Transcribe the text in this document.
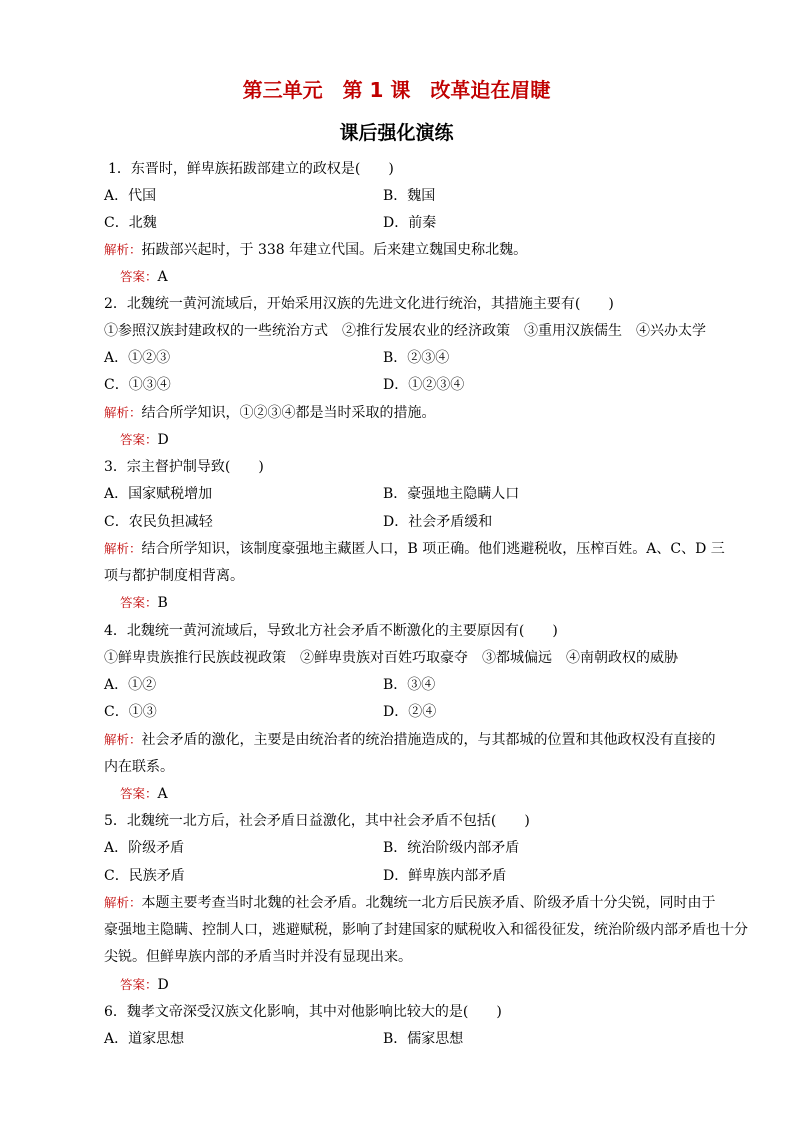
第三单元　第 1 课　改革迫在眉睫
课后强化演练
1．东晋时，鲜卑族拓跋部建立的政权是(　　)
A．代国	B．魏国
C．北魏	D．前秦
解析：拓跋部兴起时，于 338 年建立代国。后来建立魏国史称北魏。
答案：A
2．北魏统一黄河流域后，开始采用汉族的先进文化进行统治，其措施主要有(　　)
①参照汉族封建政权的一些统治方式　②推行发展农业的经济政策　③重用汉族儒生　④兴办太学
A．①②③	B．②③④
C．①③④	D．①②③④
解析：结合所学知识，①②③④都是当时采取的措施。
答案：D
3．宗主督护制导致(　　)
A．国家赋税增加	B．豪强地主隐瞒人口
C．农民负担减轻	D．社会矛盾缓和
解析：结合所学知识，该制度豪强地主藏匿人口，B 项正确。他们逃避税收，压榨百姓。A、C、D 三
项与都护制度相背离。
答案：B
4．北魏统一黄河流域后，导致北方社会矛盾不断激化的主要原因有(　　)
①鲜卑贵族推行民族歧视政策　②鲜卑贵族对百姓巧取豪夺　③都城偏远　④南朝政权的威胁
A．①②	B．③④
C．①③	D．②④
解析：社会矛盾的激化，主要是由统治者的统治措施造成的，与其都城的位置和其他政权没有直接的
内在联系。
答案：A
5．北魏统一北方后，社会矛盾日益激化，其中社会矛盾不包括(　　)
A．阶级矛盾	B．统治阶级内部矛盾
C．民族矛盾	D．鲜卑族内部矛盾
解析：本题主要考查当时北魏的社会矛盾。北魏统一北方后民族矛盾、阶级矛盾十分尖锐，同时由于
豪强地主隐瞒、控制人口，逃避赋税，影响了封建国家的赋税收入和徭役征发，统治阶级内部矛盾也十分
尖锐。但鲜卑族内部的矛盾当时并没有显现出来。
答案：D
6．魏孝文帝深受汉族文化影响，其中对他影响比较大的是(　　)
A．道家思想	B．儒家思想
